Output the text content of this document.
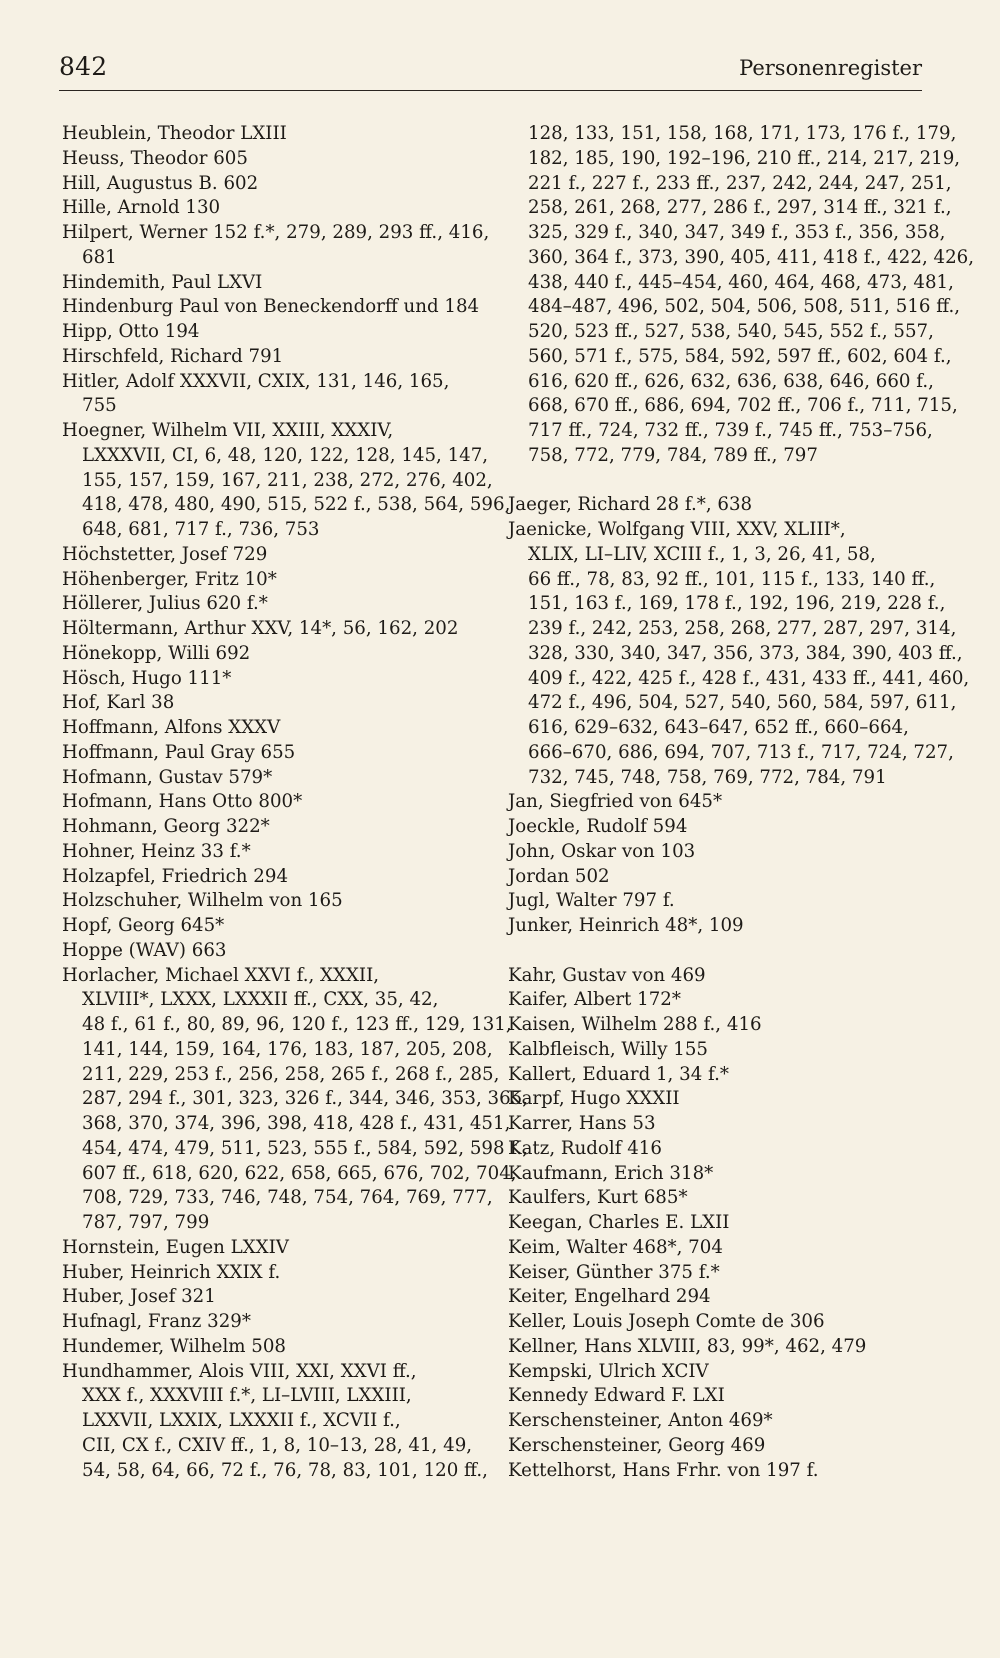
842	Personenregister
Heublein, Theodor LXIII
Heuss, Theodor 605
Hill, Augustus B. 602
Hille, Arnold 130
Hilpert, Werner 152 f.*, 279, 289, 293 ff., 416,
681
Hindemith, Paul LXVI
Hindenburg Paul von Beneckendorff und 184
Hipp, Otto 194
Hirschfeld, Richard 791
Hitler, Adolf XXXVII, CXIX, 131, 146, 165,
755
Hoegner, Wilhelm VII, XXIII, XXXIV,
LXXXVII, CI, 6, 48, 120, 122, 128, 145, 147,
155, 157, 159, 167, 211, 238, 272, 276, 402,
418, 478, 480, 490, 515, 522 f., 538, 564, 596,
648, 681, 717 f., 736, 753
Höchstetter, Josef 729
Höhenberger, Fritz 10*
Höllerer, Julius 620 f.*
Höltermann, Arthur XXV, 14*, 56, 162, 202
Hönekopp, Willi 692
Hösch, Hugo 111*
Hof, Karl 38
Hoffmann, Alfons XXXV
Hoffmann, Paul Gray 655
Hofmann, Gustav 579*
Hofmann, Hans Otto 800*
Hohmann, Georg 322*
Hohner, Heinz 33 f.*
Holzapfel, Friedrich 294
Holzschuher, Wilhelm von 165
Hopf, Georg 645*
Hoppe (WAV) 663
Horlacher, Michael XXVI f., XXXII,
XLVIII*, LXXX, LXXXII ff., CXX, 35, 42,
48 f., 61 f., 80, 89, 96, 120 f., 123 ff., 129, 131,
141, 144, 159, 164, 176, 183, 187, 205, 208,
211, 229, 253 f., 256, 258, 265 f., 268 f., 285,
287, 294 f., 301, 323, 326 f., 344, 346, 353, 365,
368, 370, 374, 396, 398, 418, 428 f., 431, 451,
454, 474, 479, 511, 523, 555 f., 584, 592, 598 f.,
607 ff., 618, 620, 622, 658, 665, 676, 702, 704,
708, 729, 733, 746, 748, 754, 764, 769, 777,
787, 797, 799
Hornstein, Eugen LXXIV
Huber, Heinrich XXIX f.
Huber, Josef 321
Hufnagl, Franz 329*
Hundemer, Wilhelm 508
Hundhammer, Alois VIII, XXI, XXVI ff.,
XXX f., XXXVIII f.*, LI–LVIII, LXXIII,
LXXVII, LXXIX, LXXXII f., XCVII f.,
CII, CX f., CXIV ff., 1, 8, 10–13, 28, 41, 49,
54, 58, 64, 66, 72 f., 76, 78, 83, 101, 120 ff.,
128, 133, 151, 158, 168, 171, 173, 176 f., 179,
182, 185, 190, 192–196, 210 ff., 214, 217, 219,
221 f., 227 f., 233 ff., 237, 242, 244, 247, 251,
258, 261, 268, 277, 286 f., 297, 314 ff., 321 f.,
325, 329 f., 340, 347, 349 f., 353 f., 356, 358,
360, 364 f., 373, 390, 405, 411, 418 f., 422, 426,
438, 440 f., 445–454, 460, 464, 468, 473, 481,
484–487, 496, 502, 504, 506, 508, 511, 516 ff.,
520, 523 ff., 527, 538, 540, 545, 552 f., 557,
560, 571 f., 575, 584, 592, 597 ff., 602, 604 f.,
616, 620 ff., 626, 632, 636, 638, 646, 660 f.,
668, 670 ff., 686, 694, 702 ff., 706 f., 711, 715,
717 ff., 724, 732 ff., 739 f., 745 ff., 753–756,
758, 772, 779, 784, 789 ff., 797
Jaeger, Richard 28 f.*, 638
Jaenicke, Wolfgang VIII, XXV, XLIII*,
XLIX, LI–LIV, XCIII f., 1, 3, 26, 41, 58,
66 ff., 78, 83, 92 ff., 101, 115 f., 133, 140 ff.,
151, 163 f., 169, 178 f., 192, 196, 219, 228 f.,
239 f., 242, 253, 258, 268, 277, 287, 297, 314,
328, 330, 340, 347, 356, 373, 384, 390, 403 ff.,
409 f., 422, 425 f., 428 f., 431, 433 ff., 441, 460,
472 f., 496, 504, 527, 540, 560, 584, 597, 611,
616, 629–632, 643–647, 652 ff., 660–664,
666–670, 686, 694, 707, 713 f., 717, 724, 727,
732, 745, 748, 758, 769, 772, 784, 791
Jan, Siegfried von 645*
Joeckle, Rudolf 594
John, Oskar von 103
Jordan 502
Jugl, Walter 797 f.
Junker, Heinrich 48*, 109
Kahr, Gustav von 469
Kaifer, Albert 172*
Kaisen, Wilhelm 288 f., 416
Kalbfleisch, Willy 155
Kallert, Eduard 1, 34 f.*
Karpf, Hugo XXXII
Karrer, Hans 53
Katz, Rudolf 416
Kaufmann, Erich 318*
Kaulfers, Kurt 685*
Keegan, Charles E. LXII
Keim, Walter 468*, 704
Keiser, Günther 375 f.*
Keiter, Engelhard 294
Keller, Louis Joseph Comte de 306
Kellner, Hans XLVIII, 83, 99*, 462, 479
Kempski, Ulrich XCIV
Kennedy Edward F. LXI
Kerschensteiner, Anton 469*
Kerschensteiner, Georg 469
Kettelhorst, Hans Frhr. von 197 f.
